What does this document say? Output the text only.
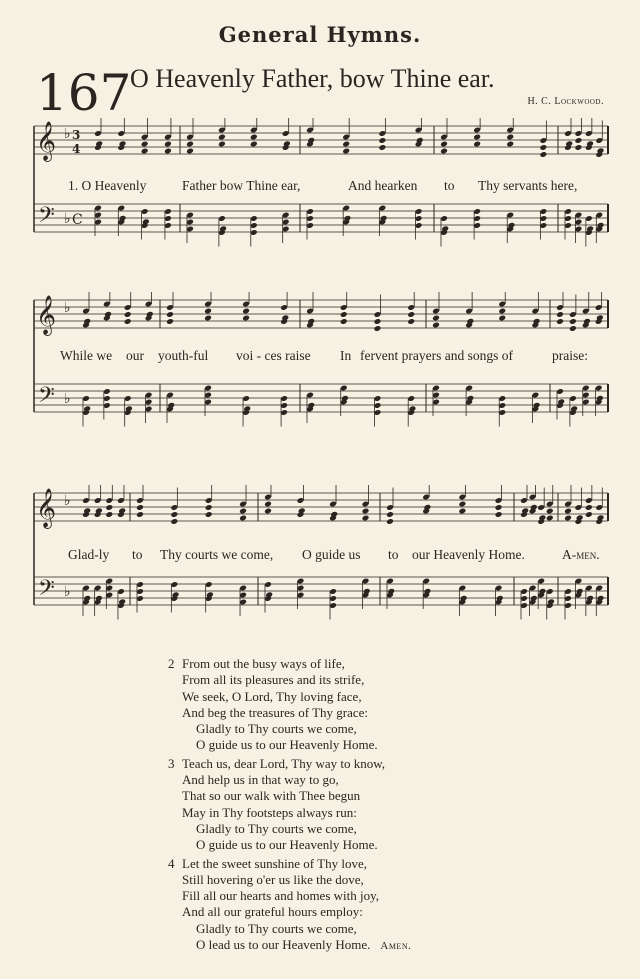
General Hymns.
167
O Heavenly Father, bow Thine ear.
H. C. Lockwood.
𝄞
𝄢
♭
♭
3
4
C
1. O Heavenly	Father bow Thine ear,	And hearken to Thy servants here,
𝄞
𝄢
♭
♭
While we our youth-ful voi - ces raise In fervent prayers and songs of	praise:
𝄞
𝄢
♭
♭
Glad-ly to Thy courts we come, O guide us to our Heavenly Home.	A-men.
2 From out the busy ways of life,
From all its pleasures and its strife,
We seek, O Lord, Thy loving face,
And beg the treasures of Thy grace:
Gladly to Thy courts we come,
O guide us to our Heavenly Home.
3 Teach us, dear Lord, Thy way to know,
And help us in that way to go,
That so our walk with Thee begun
May in Thy footsteps always run:
Gladly to Thy courts we come,
O guide us to our Heavenly Home.
4 Let the sweet sunshine of Thy love,
Still hovering o'er us like the dove,
Fill all our hearts and homes with joy,
And all our grateful hours employ:
Gladly to Thy courts we come,
O lead us to our Heavenly Home. Amen.
